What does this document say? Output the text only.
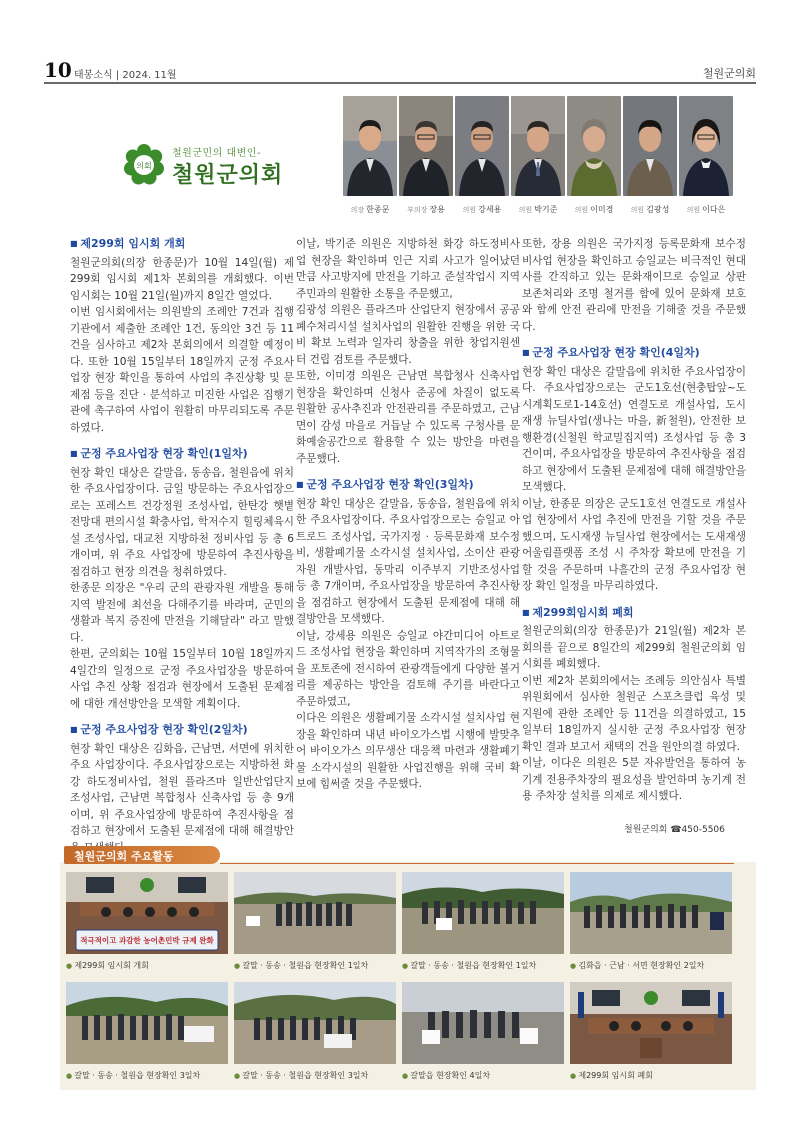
10 태봉소식 | 2024. 11월	철원군의회
의회
철원군민의 대변인-
철원군의회
의장 한종문	부의장 장용	의원 강세용	의원 박기준	의원 이미경	의원 김광성	의원 이다은

■ 제299회 임시회 개회

철원군의회(의장 한종문)가 10월 14일(월) 제299회 임시회 제1차 본회의를 개회했다. 이번 임시회는 10월 21일(월)까지 8일간 열었다.

이번 임시회에서는 의원발의 조례안 7건과 집행기관에서 제출한 조례안 1건, 동의안 3건 등 11건을 심사하고 제2차 본회의에서 의결할 예정이다. 또한 10월 15일부터 18일까지 군정 주요사업장 현장 확인을 통하여 사업의 추진상황 및 문제점 등을 진단 · 분석하고 미진한 사업은 집행기관에 촉구하여 사업이 원활히 마무리되도록 주문하였다.

■ 군정 주요사업장 현장 확인(1일차)

현장 확인 대상은 갈말읍, 동송읍, 철원읍에 위치한 주요사업장이다. 금일 방문하는 주요사업장으로는 포레스트 건강정원 조성사업, 한탄강 햇볕전망대 편의시설 확충사업, 학저수지 힐링체육시설 조성사업, 대교천 지방하천 정비사업 등 총 6개이며, 위 주요 사업장에 방문하여 추진사항을 점검하고 현장 의견을 청취하였다.

한종문 의장은 "우리 군의 관광자원 개발을 통해 지역 발전에 최선을 다해주기를 바라며, 군민의 생활과 복지 증진에 만전을 기해달라" 라고 말했다.

한편, 군의회는 10월 15일부터 10월 18일까지 4일간의 일정으로 군정 주요사업장을 방문하여 사업 추진 상황 점검과 현장에서 도출된 문제점에 대한 개선방안을 모색할 계획이다.

■ 군정 주요사업장 현장 확인(2일차)

현장 확인 대상은 김화읍, 근남면, 서면에 위치한 주요 사업장이다. 주요사업장으로는 지방하천 화강 하도정비사업, 철원 플라즈마 일반산업단지 조성사업, 근남면 복합청사 신축사업 등 총 9개이며, 위 주요사업장에 방문하여 추진사항을 점검하고 현장에서 도출된 문제점에 대해 해결방안

이날, 박기준 의원은 지방하천 화강 하도정비사업 현장을 확인하며 인근 지뢰 사고가 일어났던 만큼 사고방지에 만전을 기하고 준설작업시 지역 주민과의 원활한 소통을 주문했고,

김광성 의원은 플라즈마 산업단지 현장에서 공공폐수처리시설 설치사업의 원활한 진행을 위한 국비 확보 노력과 일자리 창출을 위한 창업지원센터 건립 검토를 주문했다.

또한, 이미경 의원은 근남면 복합청사 신축사업 현장을 확인하며 신청사 준공에 차질이 없도록 원활한 공사추진과 안전관리를 주문하였고, 근남면이 감성 마을로 거듭날 수 있도록 구청사를 문화예술공간으로 활용할 수 있는 방안을 마련을 주문했다.

■ 군정 주요사업장 현장 확인(3일차)

현장 확인 대상은 갈말읍, 동송읍, 철원읍에 위치한 주요사업장이다. 주요사업장으로는 승일교 아트로드 조성사업, 국가지정 · 등록문화재 보수정비, 생활폐기물 소각시설 설치사업, 소이산 관광자원 개발사업, 동막리 이주부지 기반조성사업 등 총 7개이며, 주요사업장을 방문하여 추진사항을 점검하고 현장에서 도출된 문제점에 대해 해결방안을 모색했다.

이날, 강세용 의원은 승일교 야간미디어 아트로드 조성사업 현장을 확인하며 지역작가의 조형물을 포토존에 전시하여 관광객들에게 다양한 볼거리를 제공하는 방안을 검토해 주기를 바란다고 주문하였고,

이다은 의원은 생활폐기물 소각시설 설치사업 현장을 확인하며 내년 바이오가스법 시행에 발맞추어 바이오가스 의무생산 대응책 마련과 생활폐기물 소각시설의 원활한 사업진행을 위해 국비 확보에 힘써줄 것을 주문했다.

또한, 장용 의원은 국가지정 등록문화재 보수정비사업 현장을 확인하고 승일교는 비극적인 현대사를 간직하고 있는 문화재이므로 승일교 상판 보존처리와 조명 철거를 함에 있어 문화재 보호와 함께 안전 관리에 만전을 기해줄 것을 주문했다.

■ 군정 주요사업장 현장 확인(4일차)

현장 확인 대상은 갈말읍에 위치한 주요사업장이다. 주요사업장으로는 군도1호선(현충탑앞~도시계획도로1-14호선) 연결도로 개설사업, 도시재생 뉴딜사업(생나는 마을, 新철원), 안전한 보행환경(신철원 학교밀집지역) 조성사업 등 총 3건이며, 주요사업장을 방문하여 추진사항을 점검하고 현장에서 도출된 문제점에 대해 해결방안을 모색했다.

이날, 한종문 의장은 군도1호선 연결도로 개설사업 현장에서 사업 추진에 만전을 기할 것을 주문했으며, 도시재생 뉴딜사업 현장에서는 도새재생어울림플랫폼 조성 시 주차장 확보에 만전을 기할 것을 주문하며 나흘간의 군정 주요사업장 현장 확인 일정을 마무리하였다.

■ 제299회임시회 폐회

철원군의회(의장 한종문)가 21일(월) 제2차 본회의를 끝으로 8일간의 제299회 철원군의회 임시회를 폐회했다.

이번 제2차 본회의에서는 조례등 의안심사 특별위원회에서 심사한 철원군 스포츠클럽 육성 및 지원에 관한 조례안 등 11건을 의결하였고, 15일부터 18일까지 실시한 군정 주요사업장 현장 확인 결과 보고서 채택의 건을 원안의결 하였다.

이날, 이다은 의원은 5분 자유발언을 통하여 농기계 전용주차장의 필요성을 발언하며 농기계 전용 주차장 설치를 의제로 제시했다.

철원군의회 ☎450-5506
철원군의회 주요활동
적극적이고 과감한 농어촌민박 규제 완화
● 제299회 임시회 개회	● 갈말 · 동송 · 철원읍 현장확인 1일차	● 갈말 · 동송 · 철원읍 현장확인 1일차	● 김화읍 · 근남 · 서면 현장확인 2일차
● 갈말 · 동송 · 철원읍 현장확인 3일차	● 갈말 · 동송 · 철원읍 현장확인 3일차	● 갈말읍 현장확인 4일차	● 제299회 임시회 폐회
